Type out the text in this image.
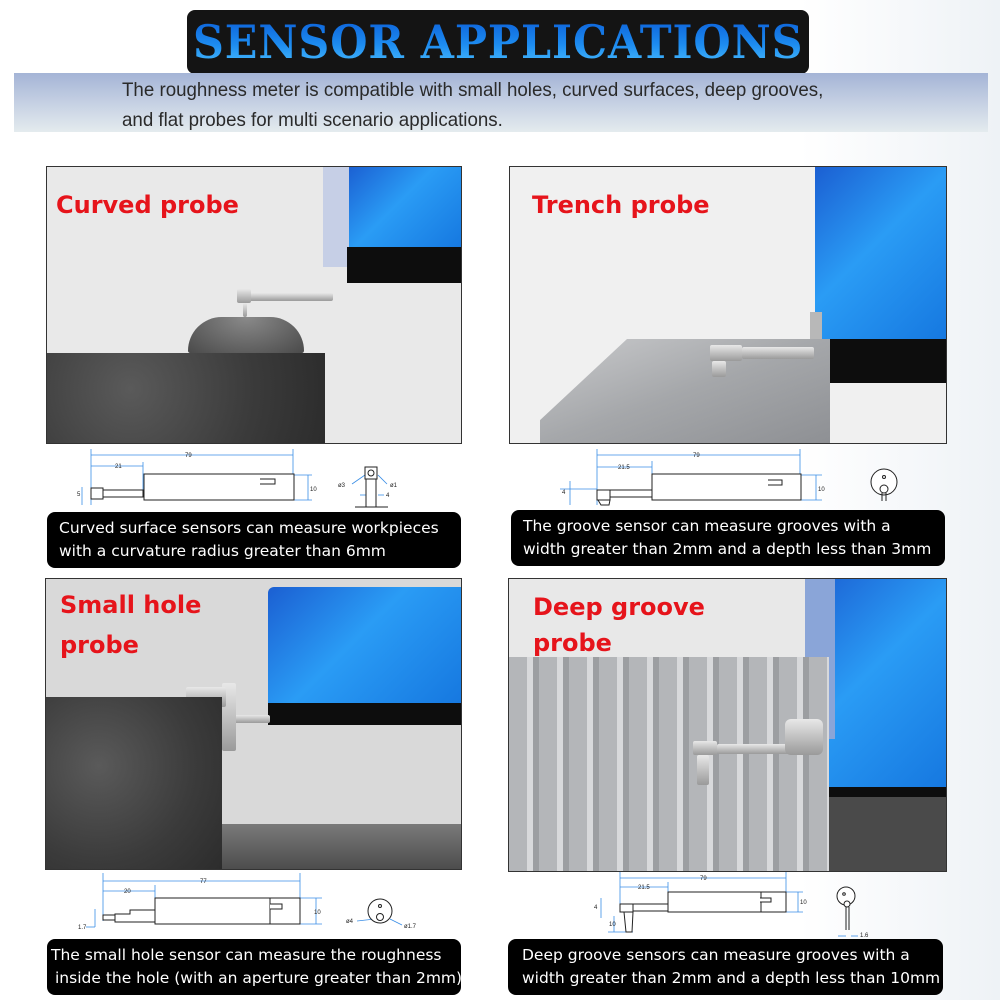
SENSOR APPLICATIONS

The roughness meter is compatible with small holes, curved surfaces, deep grooves,
and flat probes for multi scenario applications.

Curved probe
79
21
5
10
ø3	ø1
4
Curved surface sensors can measure workpieces
with a curvature radius greater than 6mm
Trench probe
79
21.5
4	10
The groove sensor can measure grooves with a
width greater than 2mm and a depth less than 3mm
Small hole
probe
77
20
1.7
10
ø4
ø1.7
The small hole sensor can measure the roughness
inside the hole (with an aperture greater than 2mm)
Deep groove
probe
79
21.5
4
10
10
1.6
Deep groove sensors can measure grooves with a
width greater than 2mm and a depth less than 10mm
